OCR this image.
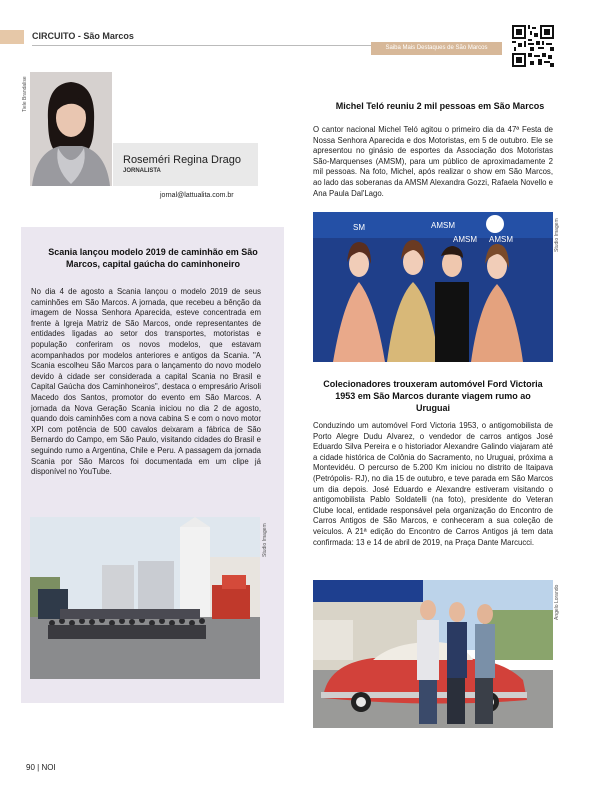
CIRCUITO - São Marcos
Saiba Mais Destaques de São Marcos
Tiele Brandalise
Roseméri Regina Drago
JORNALISTA
jornal@lattualita.com.br
Scania lançou modelo 2019 de caminhão em São Marcos, capital gaúcha do caminhoneiro

No dia 4 de agosto a Scania lançou o modelo 2019 de seus caminhões em São Marcos. A jornada, que recebeu a bênção da imagem de Nossa Senhora Aparecida, esteve concentrada em frente à Igreja Matriz de São Marcos, onde representantes de entidades ligadas ao setor dos transportes, motoristas e população conferiram os novos modelos, que estavam acompanhados por modelos anteriores e antigos da Scania. "A Scania escolheu São Marcos para o lançamento do novo modelo devido à cidade ser considerada a capital Scania no Brasil e Capital Gaúcha dos Caminhoneiros", destaca o empresário Arisoli Macedo dos Santos, promotor do evento em São Marcos. A jornada da Nova Geração Scania iniciou no dia 2 de agosto, quando dois caminhões com a nova cabina S e com o novo motor XPI com potência de 500 cavalos deixaram a fábrica de São Bernardo do Campo, em São Paulo, visitando cidades do Brasil e seguindo rumo a Argentina, Chile e Peru. A passagem da jornada Scania por São Marcos foi documentada em um clipe já disponível no YouTube.

Studio Imagem
Michel Teló reuniu 2 mil pessoas em São Marcos

O cantor nacional Michel Teló agitou o primeiro dia da 47ª Festa de Nossa Senhora Aparecida e dos Motoristas, em 5 de outubro. Ele se apresentou no ginásio de esportes da Associação dos Motoristas São-Marquenses (AMSM), para um público de aproximadamente 2 mil pessoas. Na foto, Michel, após realizar o show em São Marcos, ao lado das soberanas da AMSM Alexandra Gozzi, Rafaela Novello e Ana Paula Dal'Lago.

SM	AMSM
AMSM AMSM	Studio Imagem
Colecionadores trouxeram automóvel Ford Victoria 1953 em São Marcos durante viagem rumo ao Uruguai

Conduzindo um automóvel Ford Victoria 1953, o antigomobilista de Porto Alegre Dudu Alvarez, o vendedor de carros antigos José Eduardo Silva Pereira e o historiador Alexandre Galindo viajaram até a cidade histórica de Colônia do Sacramento, no Uruguai, próxima a Montevidéu. O percurso de 5.200 Km iniciou no distrito de Itaipava (Petrópolis- RJ), no dia 15 de outubro, e teve parada em São Marcos um dia depois. José Eduardo e Alexandre estiveram visitando o antigomobilista Pablo Soldatelli (na foto), presidente do Veteran Clube local, entidade responsável pela organização do Encontro de Carros Antigos de São Marcos, e conheceram a sua coleção de veículos. A 21ª edição do Encontro de Carros Antigos já tem data confirmada: 13 e 14 de abril de 2019, na Praça Dante Marcucci.

Angelo Lorando
90 | NOI
